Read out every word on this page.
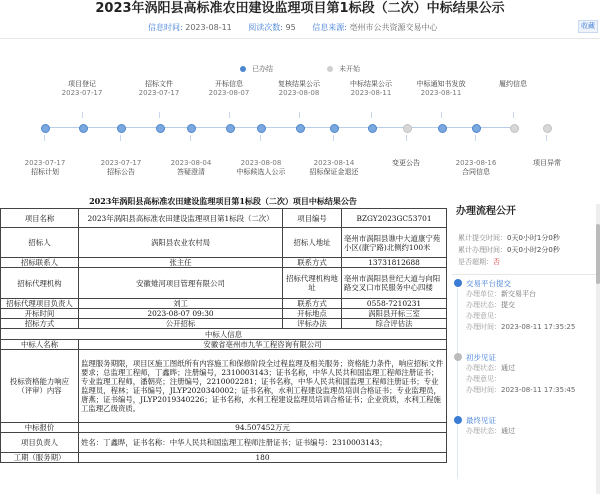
2023年涡阳县高标准农田建设监理项目第1标段（二次）中标结果公示
信息时间: 2023-08-11 阅读次数: 95 信息来源: 亳州市公共资源交易中心	收藏
已办结	未开始
项目登记
2023-07-17
招标文件
2023-07-17
开标信息
2023-08-07
复核结果公示
2023-08-08
中标结果公示
2023-08-11
中标通知书发放
2023-08-11
履约信息
2023-07-17
招标计划
2023-07-17
招标公告
2023-08-04
答疑澄清
2023-08-08
中标候选人公示
2023-08-14
招标保证金退还
变更公告	2023-08-16
合同信息
项目异常
2023年涡阳县高标准农田建设监理项目第1标段（二次）项目中标结果公告
项目名称	2023年涡阳县高标准农田建设监理项目第1标段（二次）	项目编号	BZGY2023GC53701
招标人	涡阳县农业农村局	招标人地址	亳州市涡阳县谯中大道康宁苑小区(康宁路)北侧约100米
招标联系人	张主任	联系方式	13731812688
招标代理机构	安徽雉河项目管理有限公司	招标代理机构地址	亳州市涡阳县世纪大道与向阳路交叉口市民服务中心四楼
招标代理项目负责人	刘工	联系方式	0558-7210231
开标时间	2023-08-07 09:30	开标地点	涡阳县开标三室
招标方式	公开招标	评标办法	综合评估法
中标人信息			
中标人名称	安徽省亳州市九华工程咨询有限公司		
投标资格能力响应（评审）内容	监理服务期限，项目区施工图纸所有内容施工和保修阶段全过程监理及相关服务；资格能力条件，响应招标文件要求；总监理工程师，丁鑫晔；注册编号，2310003143；证书名称，中华人民共和国监理工程师注册证书；专业监理工程师，潘朝亮；注册编号，2210002281；证书名称，中华人民共和国监理工程师注册证书；专业监理员，程林；证书编号，JLYP2020340002；证书名称，水利工程建设监理员培训合格证书；专业监理员，唐燕；证书编号，JLYP2019340226；证书名称，水利工程建设监理员培训合格证书；企业资质，水利工程施工监理乙级资质。		
中标报价	94.507452万元		
项目负责人	姓名：丁鑫晔，证书名称：中华人民共和国监理工程师注册证书；证书编号：2310003143；		
工期（服务期）	180		
办理流程公开
累计提交时间：0天0小时1分0秒
累计办理时间：0天0小时2分0秒
是否超期：否
交易平台提交
办理单位：新交易平台
办理状态：提交
办理意见：
办理时间：2023-08-11 17:35:25
初步见证
办理状态：通过
办理意见：
办理时间：2023-08-11 17:35:45
最终见证
办理状态：通过
